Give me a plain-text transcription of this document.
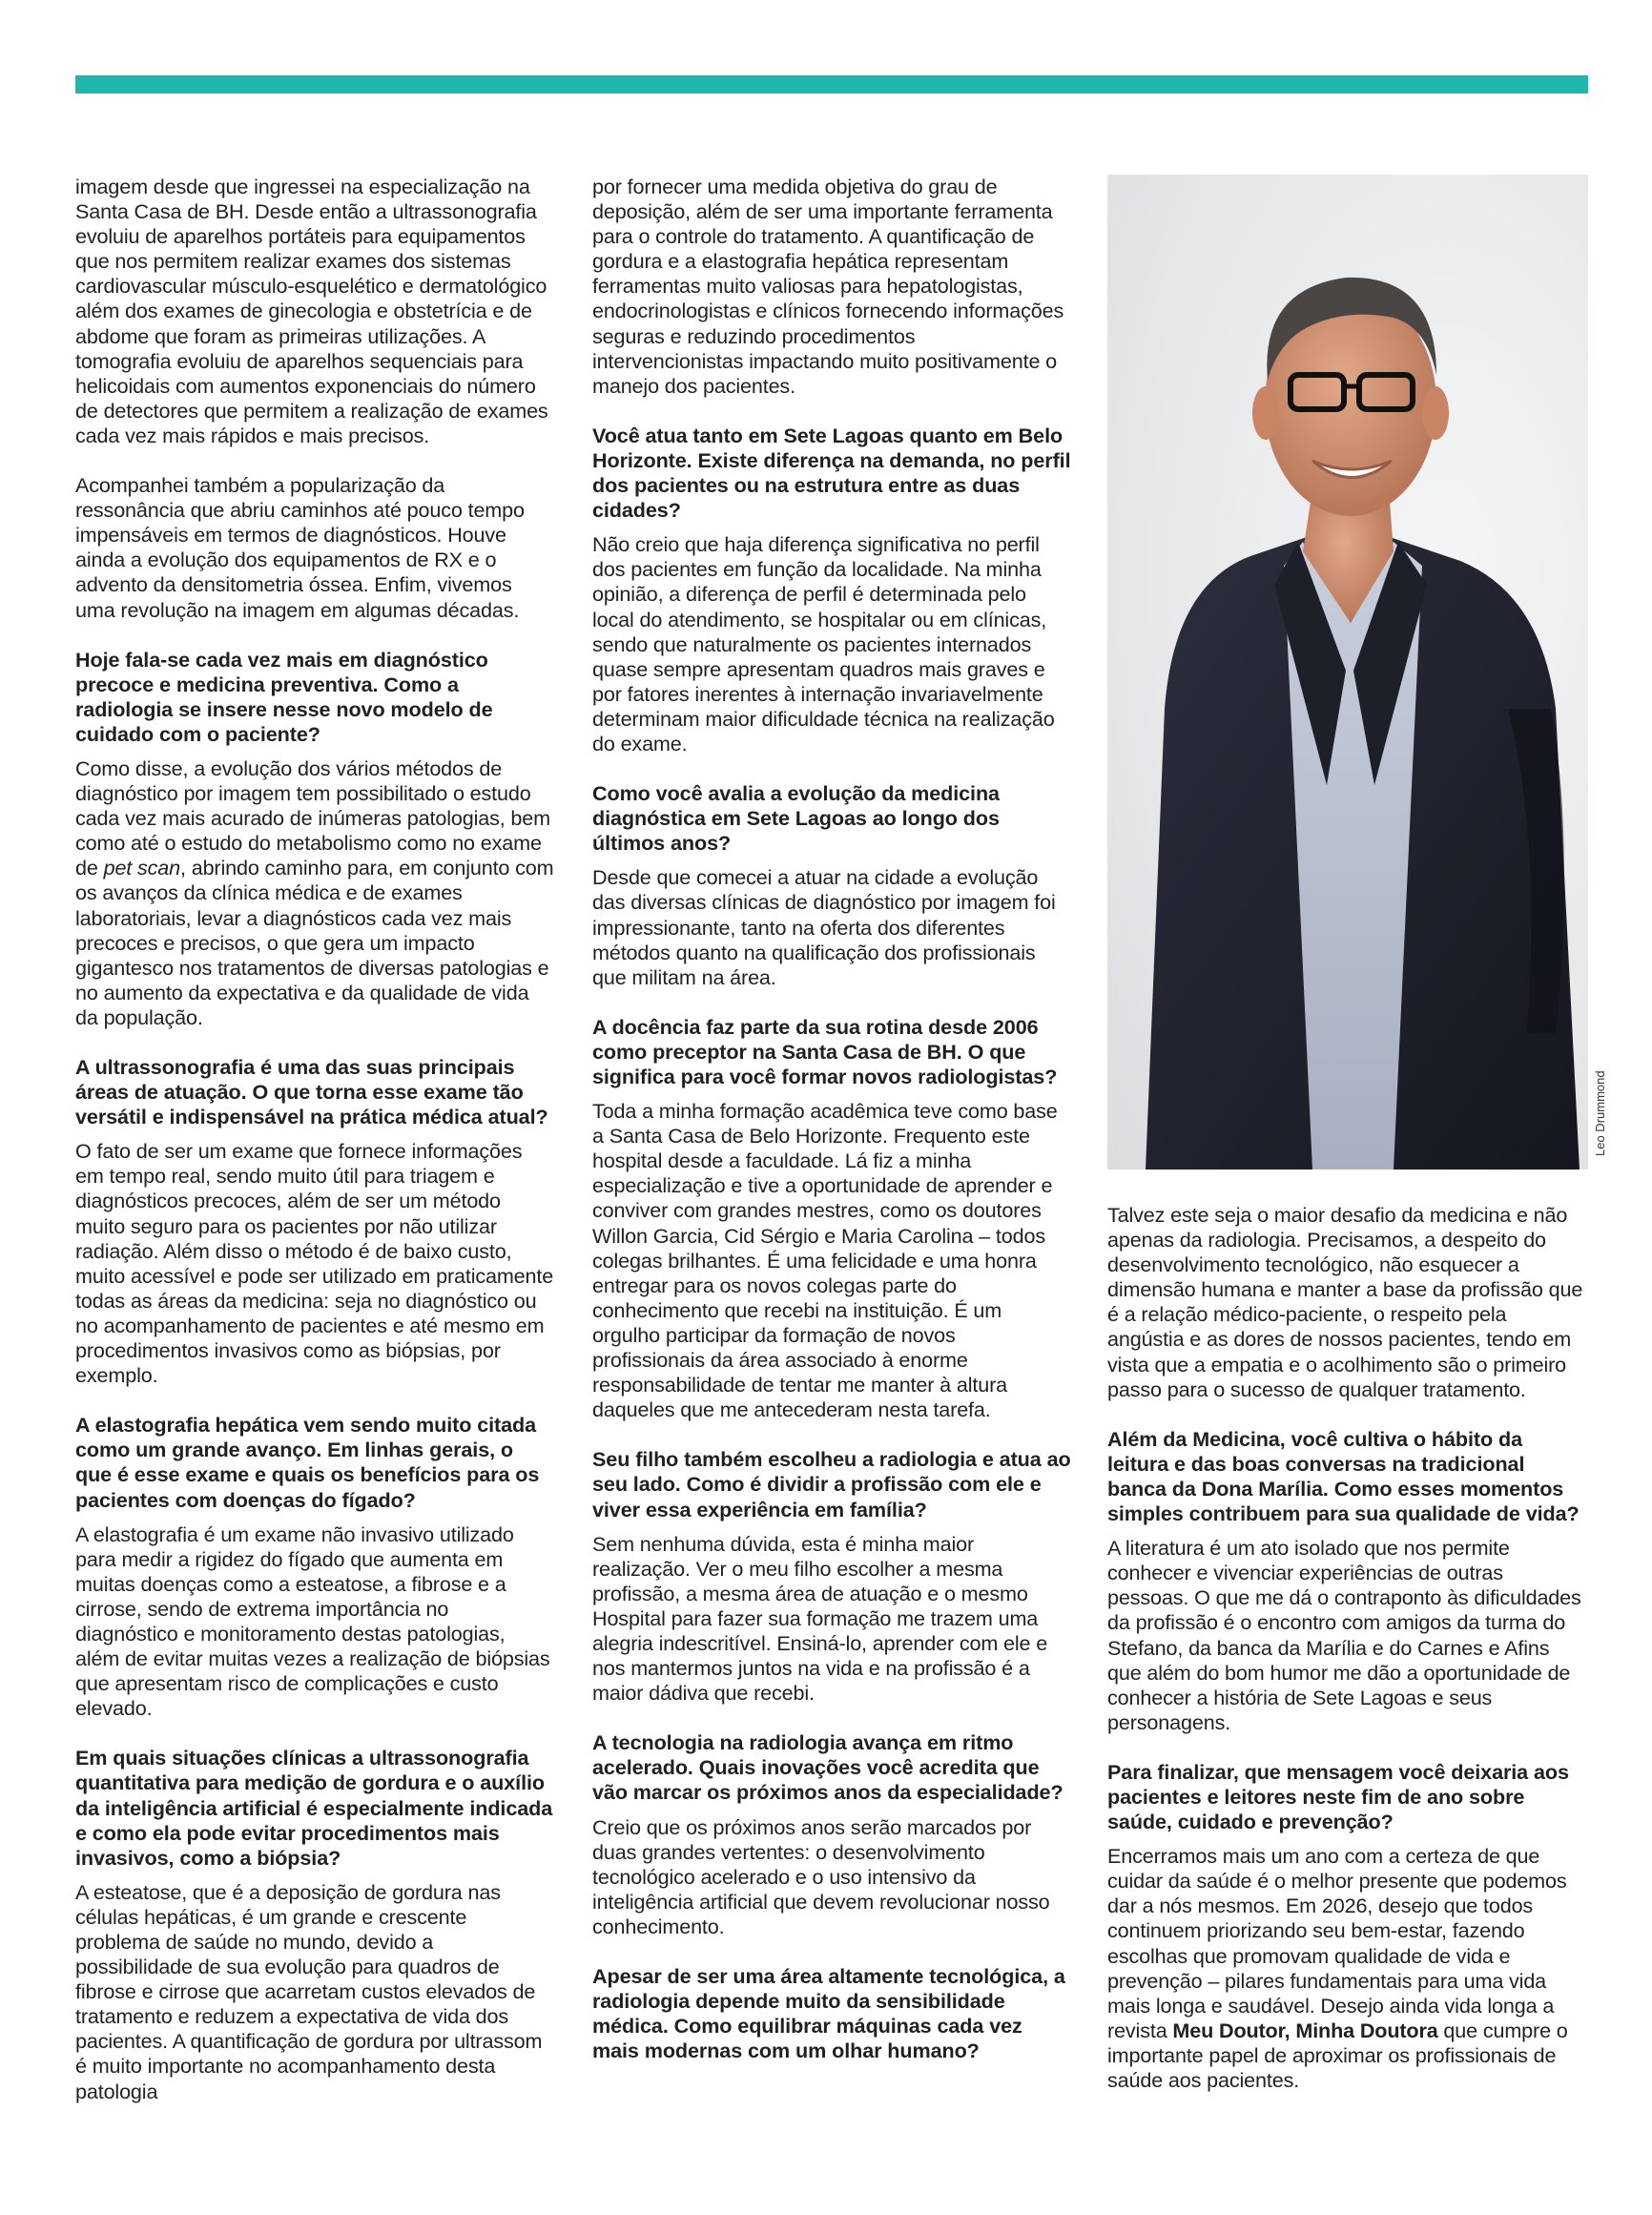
imagem desde que ingressei na especialização na Santa Casa de BH. Desde então a ultrassonografia evoluiu de aparelhos portáteis para equipamentos que nos permitem realizar exames dos sistemas cardiovascular músculo-esquelético e dermatológico além dos exames de ginecologia e obstetrícia e de abdome que foram as primeiras utilizações. A tomografia evoluiu de aparelhos sequenciais para helicoidais com aumentos exponenciais do número de detectores que permitem a realização de exames cada vez mais rápidos e mais precisos.

Acompanhei também a popularização da ressonância que abriu caminhos até pouco tempo impensáveis em termos de diagnósticos. Houve ainda a evolução dos equipamentos de RX e o advento da densitometria óssea. Enfim, vivemos uma revolução na imagem em algumas décadas.

Hoje fala-se cada vez mais em diagnóstico precoce e medicina preventiva. Como a radiologia se insere nesse novo modelo de cuidado com o paciente?

Como disse, a evolução dos vários métodos de diagnóstico por imagem tem possibilitado o estudo cada vez mais acurado de inúmeras patologias, bem como até o estudo do metabolismo como no exame de pet scan, abrindo caminho para, em conjunto com os avanços da clínica médica e de exames laboratoriais, levar a diagnósticos cada vez mais precoces e precisos, o que gera um impacto gigantesco nos tratamentos de diversas patologias e no aumento da expectativa e da qualidade de vida da população.

A ultrassonografia é uma das suas principais áreas de atuação. O que torna esse exame tão versátil e indispensável na prática médica atual?

O fato de ser um exame que fornece informações em tempo real, sendo muito útil para triagem e diagnósticos precoces, além de ser um método muito seguro para os pacientes por não utilizar radiação. Além disso o método é de baixo custo, muito acessível e pode ser utilizado em praticamente todas as áreas da medicina: seja no diagnóstico ou no acompanhamento de pacientes e até mesmo em procedimentos invasivos como as biópsias, por exemplo.

A elastografia hepática vem sendo muito citada como um grande avanço. Em linhas gerais, o que é esse exame e quais os benefícios para os pacientes com doenças do fígado?

A elastografia é um exame não invasivo utilizado para medir a rigidez do fígado que aumenta em muitas doenças como a esteatose, a fibrose e a cirrose, sendo de extrema importância no diagnóstico e monitoramento destas patologias, além de evitar muitas vezes a realização de biópsias que apresentam risco de complicações e custo elevado.

Em quais situações clínicas a ultrassonografia quantitativa para medição de gordura e o auxílio da inteligência artificial é especialmente indicada e como ela pode evitar procedimentos mais invasivos, como a biópsia?

A esteatose, que é a deposição de gordura nas células hepáticas, é um grande e crescente problema de saúde no mundo, devido a possibilidade de sua evolução para quadros de fibrose e cirrose que acarretam custos elevados de tratamento e reduzem a expectativa de vida dos pacientes. A quantificação de gordura por ultrassom é muito importante no acompanhamento desta patologia

por fornecer uma medida objetiva do grau de deposição, além de ser uma importante ferramenta para o controle do tratamento. A quantificação de gordura e a elastografia hepática representam ferramentas muito valiosas para hepatologistas, endocrinologistas e clínicos fornecendo informações seguras e reduzindo procedimentos intervencionistas impactando muito positivamente o manejo dos pacientes.

Você atua tanto em Sete Lagoas quanto em Belo Horizonte. Existe diferença na demanda, no perfil dos pacientes ou na estrutura entre as duas cidades?

Não creio que haja diferença significativa no perfil dos pacientes em função da localidade. Na minha opinião, a diferença de perfil é determinada pelo local do atendimento, se hospitalar ou em clínicas, sendo que naturalmente os pacientes internados quase sempre apresentam quadros mais graves e por fatores inerentes à internação invariavelmente determinam maior dificuldade técnica na realização do exame.

Como você avalia a evolução da medicina diagnóstica em Sete Lagoas ao longo dos últimos anos?

Desde que comecei a atuar na cidade a evolução das diversas clínicas de diagnóstico por imagem foi impressionante, tanto na oferta dos diferentes métodos quanto na qualificação dos profissionais que militam na área.

A docência faz parte da sua rotina desde 2006 como preceptor na Santa Casa de BH. O que significa para você formar novos radiologistas?

Toda a minha formação acadêmica teve como base a Santa Casa de Belo Horizonte. Frequento este hospital desde a faculdade. Lá fiz a minha especialização e tive a oportunidade de aprender e conviver com grandes mestres, como os doutores Willon Garcia, Cid Sérgio e Maria Carolina – todos colegas brilhantes. É uma felicidade e uma honra entregar para os novos colegas parte do conhecimento que recebi na instituição. É um orgulho participar da formação de novos profissionais da área associado à enorme responsabilidade de tentar me manter à altura daqueles que me antecederam nesta tarefa.

Seu filho também escolheu a radiologia e atua ao seu lado. Como é dividir a profissão com ele e viver essa experiência em família?

Sem nenhuma dúvida, esta é minha maior realização. Ver o meu filho escolher a mesma profissão, a mesma área de atuação e o mesmo Hospital para fazer sua formação me trazem uma alegria indescritível. Ensiná-lo, aprender com ele e nos mantermos juntos na vida e na profissão é a maior dádiva que recebi.

A tecnologia na radiologia avança em ritmo acelerado. Quais inovações você acredita que vão marcar os próximos anos da especialidade?

Creio que os próximos anos serão marcados por duas grandes vertentes: o desenvolvimento tecnológico acelerado e o uso intensivo da inteligência artificial que devem revolucionar nosso conhecimento.

Apesar de ser uma área altamente tecnológica, a radiologia depende muito da sensibilidade médica. Como equilibrar máquinas cada vez mais modernas com um olhar humano?
Leo Drummond

Talvez este seja o maior desafio da medicina e não apenas da radiologia. Precisamos, a despeito do desenvolvimento tecnológico, não esquecer a dimensão humana e manter a base da profissão que é a relação médico-paciente, o respeito pela angústia e as dores de nossos pacientes, tendo em vista que a empatia e o acolhimento são o primeiro passo para o sucesso de qualquer tratamento.

Além da Medicina, você cultiva o hábito da leitura e das boas conversas na tradicional banca da Dona Marília. Como esses momentos simples contribuem para sua qualidade de vida?

A literatura é um ato isolado que nos permite conhecer e vivenciar experiências de outras pessoas. O que me dá o contraponto às dificuldades da profissão é o encontro com amigos da turma do Stefano, da banca da Marília e do Carnes e Afins que além do bom humor me dão a oportunidade de conhecer a história de Sete Lagoas e seus personagens.

Para finalizar, que mensagem você deixaria aos pacientes e leitores neste fim de ano sobre saúde, cuidado e prevenção?

Encerramos mais um ano com a certeza de que cuidar da saúde é o melhor presente que podemos dar a nós mesmos. Em 2026, desejo que todos continuem priorizando seu bem-estar, fazendo escolhas que promovam qualidade de vida e prevenção – pilares fundamentais para uma vida mais longa e saudável. Desejo ainda vida longa a revista Meu Doutor, Minha Doutora que cumpre o importante papel de aproximar os profissionais de saúde aos pacientes.
